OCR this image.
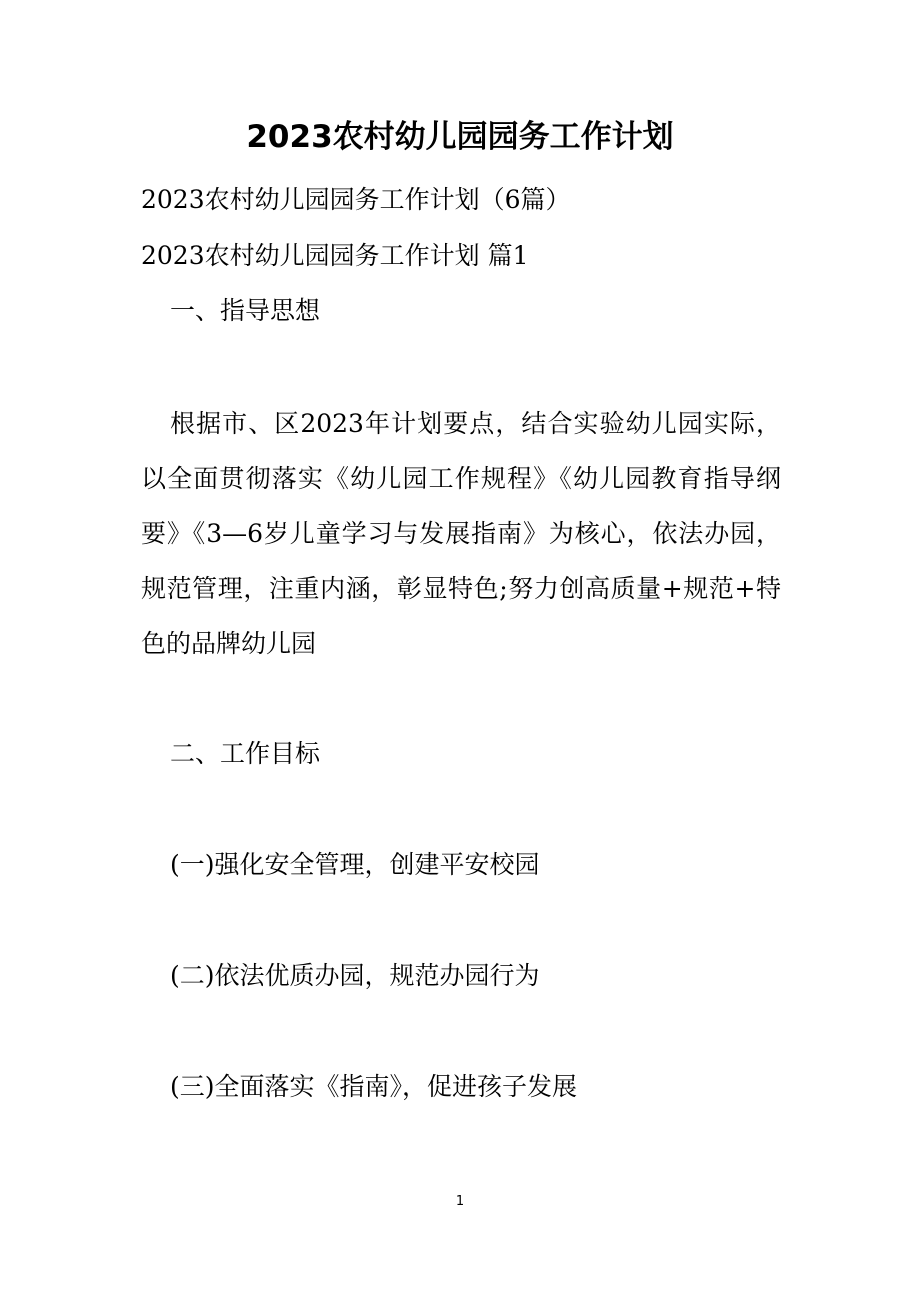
2023农村幼儿园园务工作计划

2023农村幼儿园园务工作计划（6篇）

2023农村幼儿园园务工作计划 篇1

一、指导思想

根据市、区2023年计划要点，结合实验幼儿园实际，以全面贯彻落实《幼儿园工作规程》《幼儿园教育指导纲要》《3—6岁儿童学习与发展指南》为核心，依法办园，规范管理，注重内涵，彰显特色;努力创高质量+规范+特色的品牌幼儿园

二、工作目标

(一)强化安全管理，创建平安校园

(二)依法优质办园，规范办园行为

(三)全面落实《指南》，促进孩子发展

1
